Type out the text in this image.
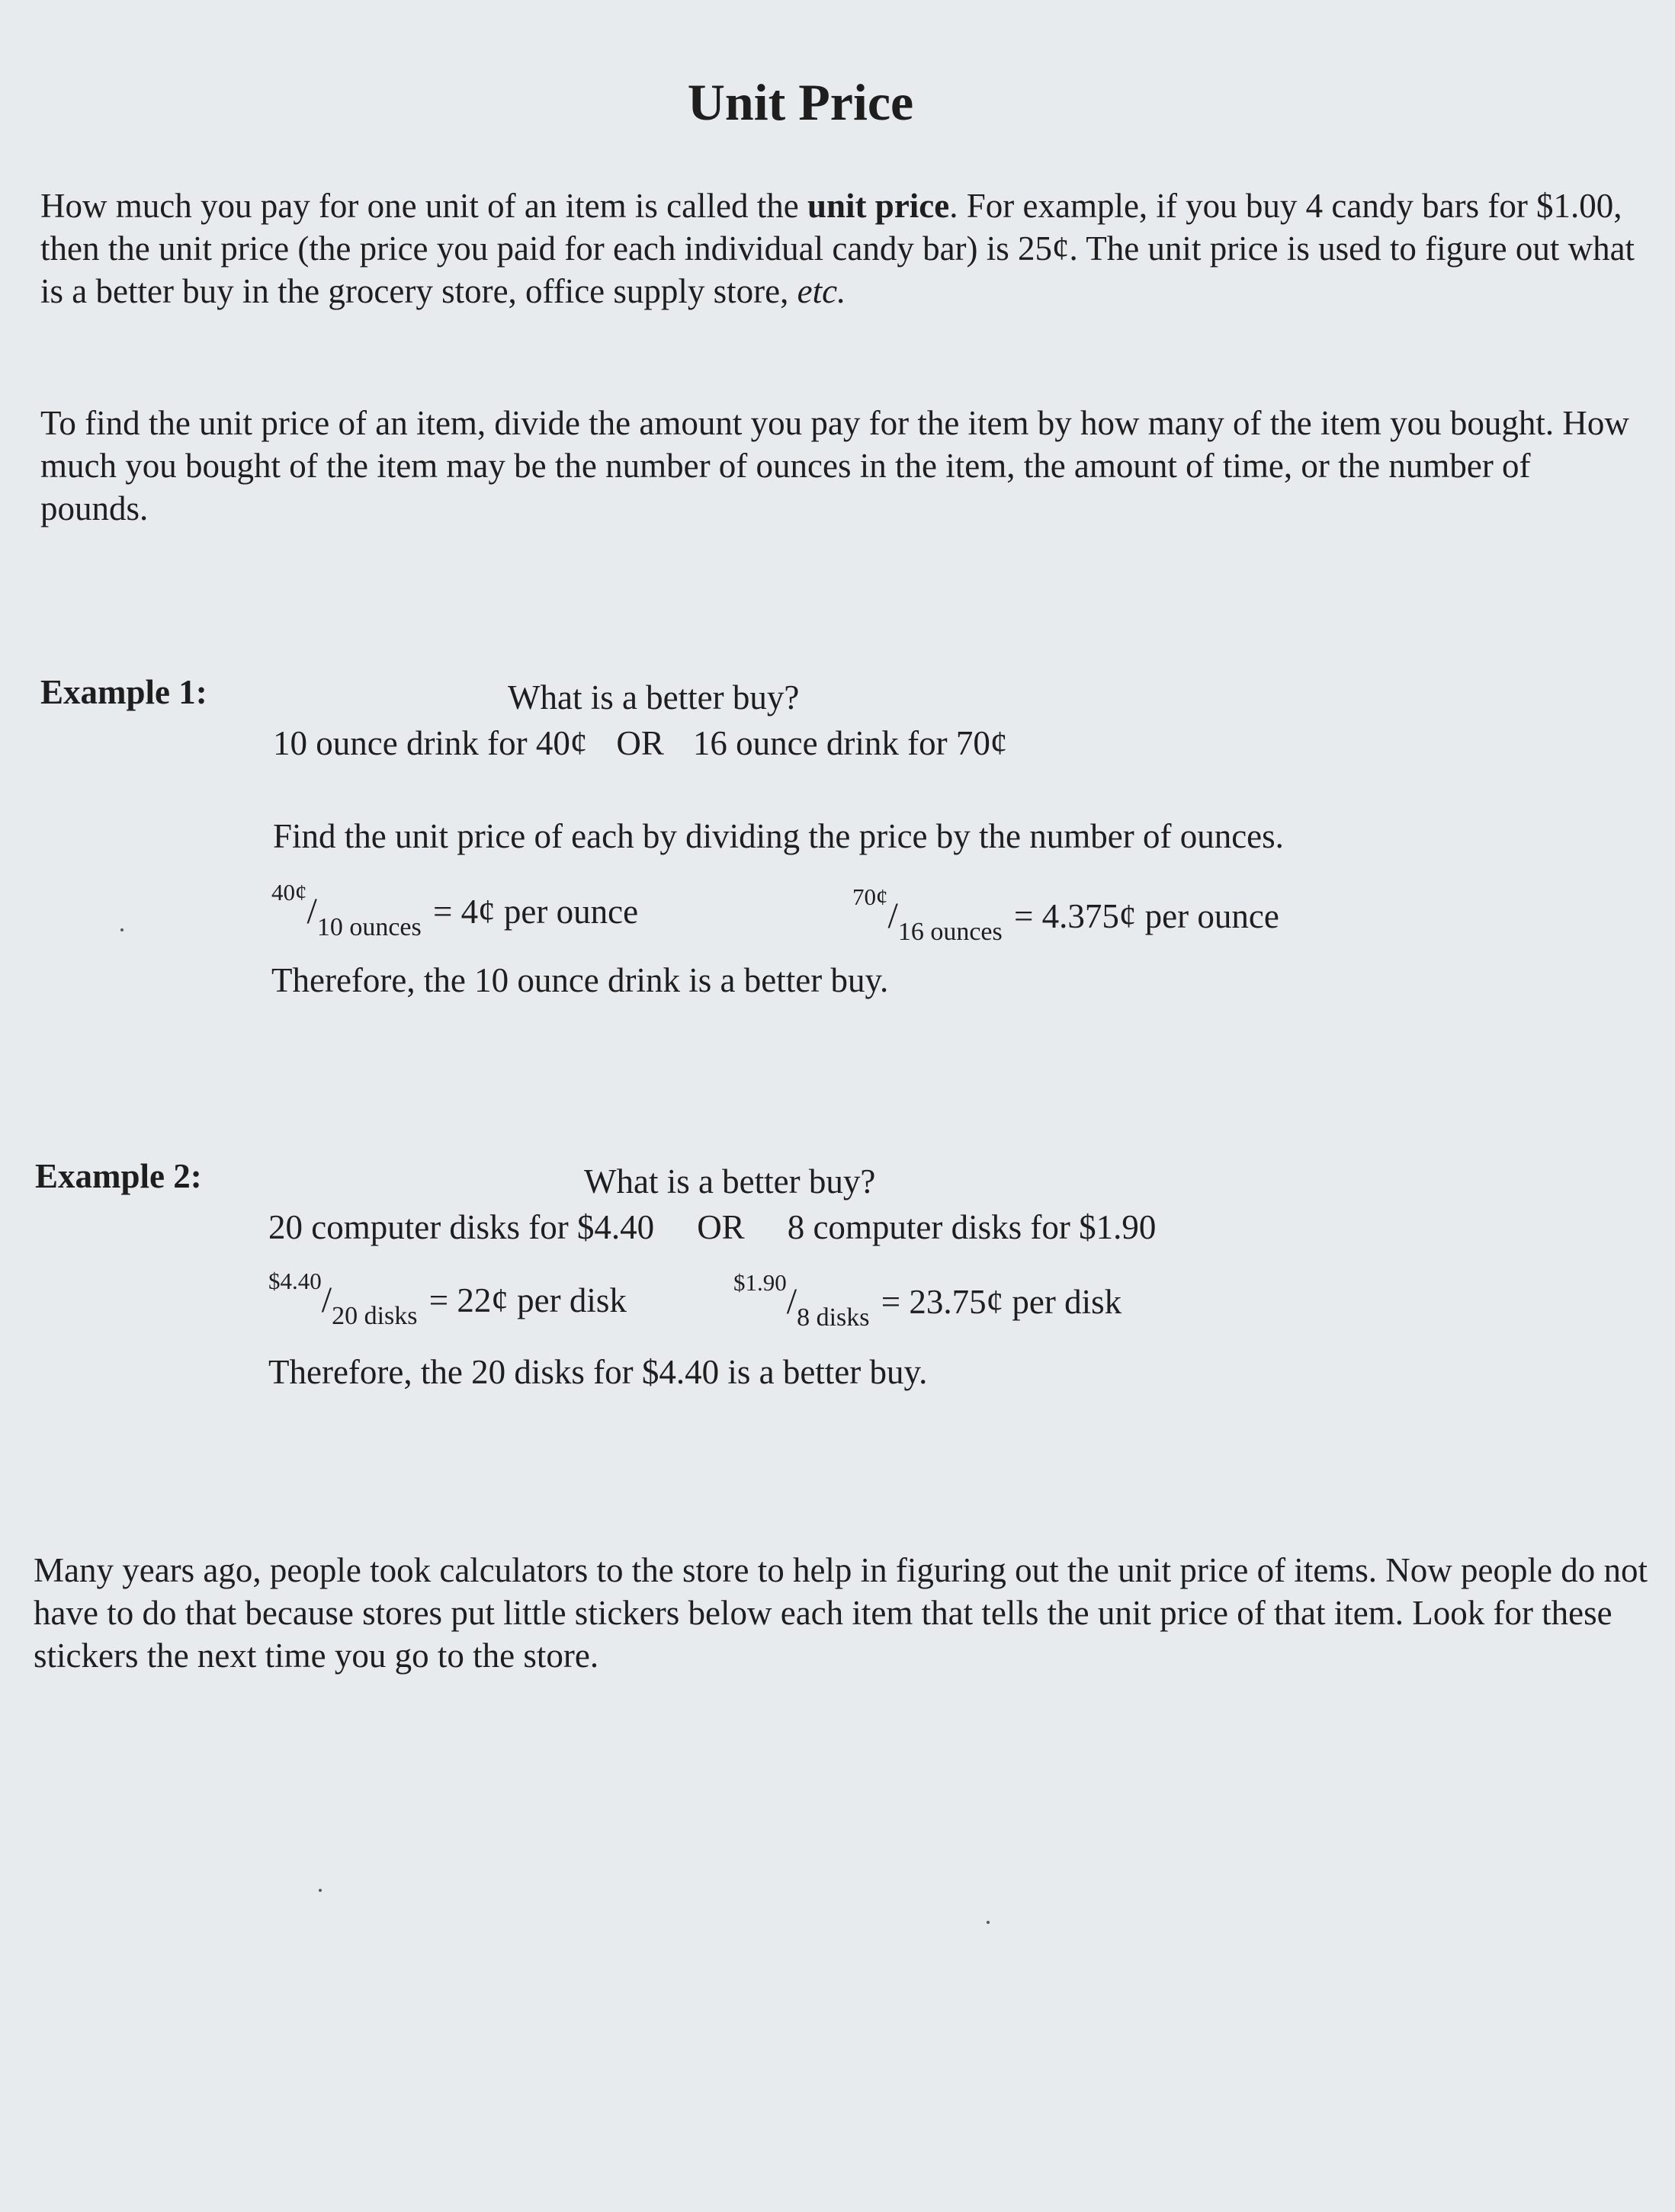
Unit Price

How much you pay for one unit of an item is called the unit price. For example, if you buy 4 candy bars for $1.00, then the unit price (the price you paid for each individual candy bar) is 25¢. The unit price is used to figure out what is a better buy in the grocery store, office supply store, etc.

To find the unit price of an item, divide the amount you pay for the item by how many of the item you bought. How much you bought of the item may be the number of ounces in the item, the amount of time, or the number of pounds.

Example 1:	What is a better buy?
10 ounce drink for 40¢ OR 16 ounce drink for 70¢
Find the unit price of each by dividing the price by the number of ounces.
$^{40¢}/_{10 ounces}$ = 4¢ per ounce	$^{70¢}/_{16 ounces}$ = 4.375¢ per ounce
Therefore, the 10 ounce drink is a better buy.
Example 2:	What is a better buy?
20 computer disks for $4.40 OR 8 computer disks for $1.90
$^{\$4.40}/_{20 disks}$ = 22¢ per disk	$^{\$1.90}/_{8 disks}$ = 23.75¢ per disk
Therefore, the 20 disks for $4.40 is a better buy.

Many years ago, people took calculators to the store to help in figuring out the unit price of items. Now people do not have to do that because stores put little stickers below each item that tells the unit price of that item. Look for these stickers the next time you go to the store.
